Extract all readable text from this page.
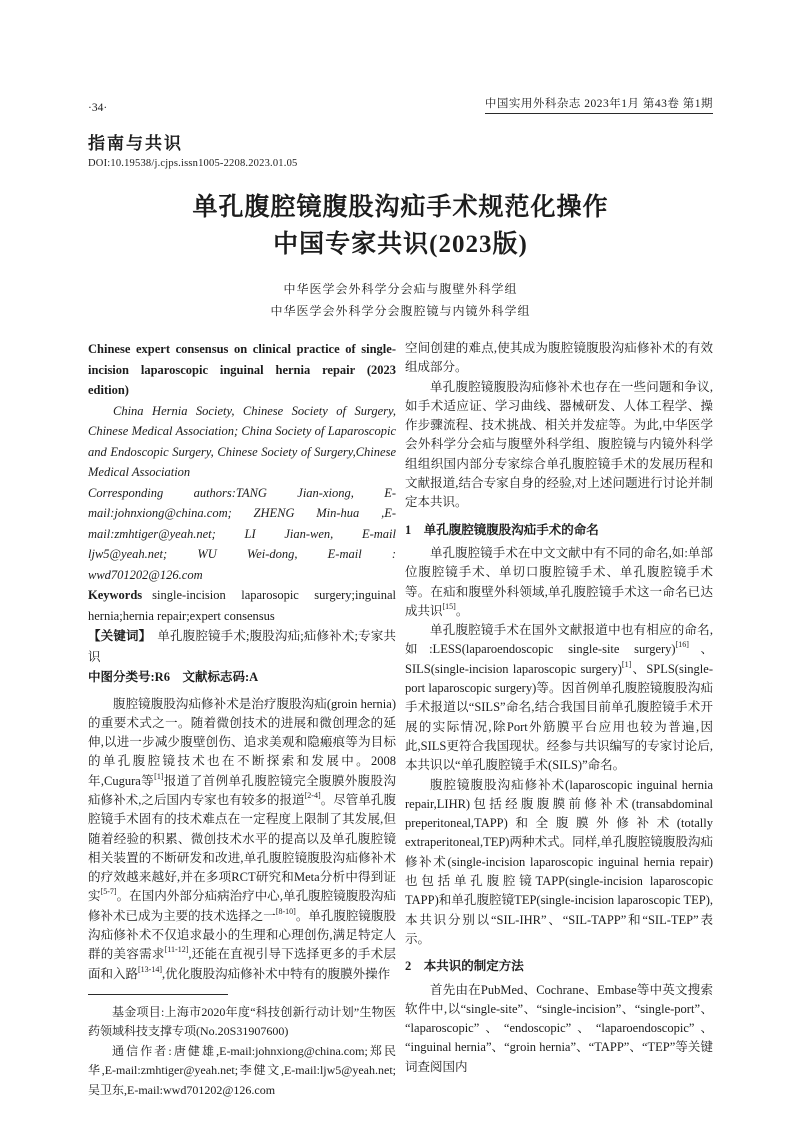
·34·	中国实用外科杂志 2023年1月 第43卷 第1期
指南与共识
DOI:10.19538/j.cjps.issn1005-2208.2023.01.05
单孔腹腔镜腹股沟疝手术规范化操作
中国专家共识(2023版)
中华医学会外科学分会疝与腹壁外科学组
中华医学会外科学分会腹腔镜与内镜外科学组

Chinese expert consensus on clinical practice of single-incision laparoscopic inguinal hernia repair (2023 edition)

China Hernia Society, Chinese Society of Surgery, Chinese Medical Association; China Society of Laparoscopic and Endoscopic Surgery, Chinese Society of Surgery,Chinese Medical Association

Corresponding authors:TANG Jian-xiong, E-mail:johnxiong@china.com; ZHENG Min-hua ,E-mail:zmhtiger@yeah.net; LI Jian-wen, E-mail ljw5@yeah.net; WU Wei-dong, E-mail : wwd701202@126.com

Keywords single-incision laparosopic surgery;inguinal hernia;hernia repair;expert consensus

【关键词】 单孔腹腔镜手术;腹股沟疝;疝修补术;专家共识

中图分类号:R6　文献标志码:A

腹腔镜腹股沟疝修补术是治疗腹股沟疝(groin hernia)的重要术式之一。随着微创技术的进展和微创理念的延伸,以进一步减少腹壁创伤、追求美观和隐瘢痕等为目标的单孔腹腔镜技术也在不断探索和发展中。2008年,Cugura等[1]报道了首例单孔腹腔镜完全腹膜外腹股沟疝修补术,之后国内专家也有较多的报道[2-4]。尽管单孔腹腔镜手术固有的技术难点在一定程度上限制了其发展,但随着经验的积累、微创技术水平的提高以及单孔腹腔镜相关装置的不断研发和改进,单孔腹腔镜腹股沟疝修补术的疗效越来越好,并在多项RCT研究和Meta分析中得到证实[5-7]。在国内外部分疝病治疗中心,单孔腹腔镜腹股沟疝修补术已成为主要的技术选择之一[8-10]。单孔腹腔镜腹股沟疝修补术不仅追求最小的生理和心理创伤,满足特定人群的美容需求[11-12],还能在直视引导下选择更多的手术层面和入路[13-14],优化腹股沟疝修补术中特有的腹膜外操作

基金项目:上海市2020年度“科技创新行动计划”生物医药领域科技支撑专项(No.20S31907600)

通信作者:唐健雄,E-mail:johnxiong@china.com;郑民华,E-mail:zmhtiger@yeah.net;李健文,E-mail:ljw5@yeah.net;吴卫东,E-mail:wwd701202@126.com

空间创建的难点,使其成为腹腔镜腹股沟疝修补术的有效组成部分。

单孔腹腔镜腹股沟疝修补术也存在一些问题和争议,如手术适应证、学习曲线、器械研发、人体工程学、操作步骤流程、技术挑战、相关并发症等。为此,中华医学会外科学分会疝与腹壁外科学组、腹腔镜与内镜外科学组组织国内部分专家综合单孔腹腔镜手术的发展历程和文献报道,结合专家自身的经验,对上述问题进行讨论并制定本共识。

1　单孔腹腔镜腹股沟疝手术的命名

单孔腹腔镜手术在中文文献中有不同的命名,如:单部位腹腔镜手术、单切口腹腔镜手术、单孔腹腔镜手术等。在疝和腹壁外科领域,单孔腹腔镜手术这一命名已达成共识[15]。

单孔腹腔镜手术在国外文献报道中也有相应的命名,如:LESS(laparoendoscopic single-site surgery)[16]、SILS(single-incision laparoscopic surgery)[1]、SPLS(single-port laparoscopic surgery)等。因首例单孔腹腔镜腹股沟疝手术报道以“SILS”命名,结合我国目前单孔腹腔镜手术开展的实际情况,除Port外筋膜平台应用也较为普遍,因此,SILS更符合我国现状。经参与共识编写的专家讨论后,本共识以“单孔腹腔镜手术(SILS)”命名。

腹腔镜腹股沟疝修补术(laparoscopic inguinal hernia repair,LIHR)包括经腹腹膜前修补术(transabdominal preperitoneal,TAPP)和全腹膜外修补术(totally extraperitoneal,TEP)两种术式。同样,单孔腹腔镜腹股沟疝修补术(single-incision laparoscopic inguinal hernia repair)也包括单孔腹腔镜TAPP(single-incision laparoscopic TAPP)和单孔腹腔镜TEP(single-incision laparoscopic TEP),本共识分别以“SIL-IHR”、“SIL-TAPP”和“SIL-TEP”表示。

2　本共识的制定方法

首先由在PubMed、Cochrane、Embase等中英文搜索软件中,以“single-site”、“single-incision”、“single-port”、“laparoscopic”、“endoscopic”、“laparoendoscopic”、“inguinal hernia”、“groin hernia”、“TAPP”、“TEP”等关键词查阅国内
